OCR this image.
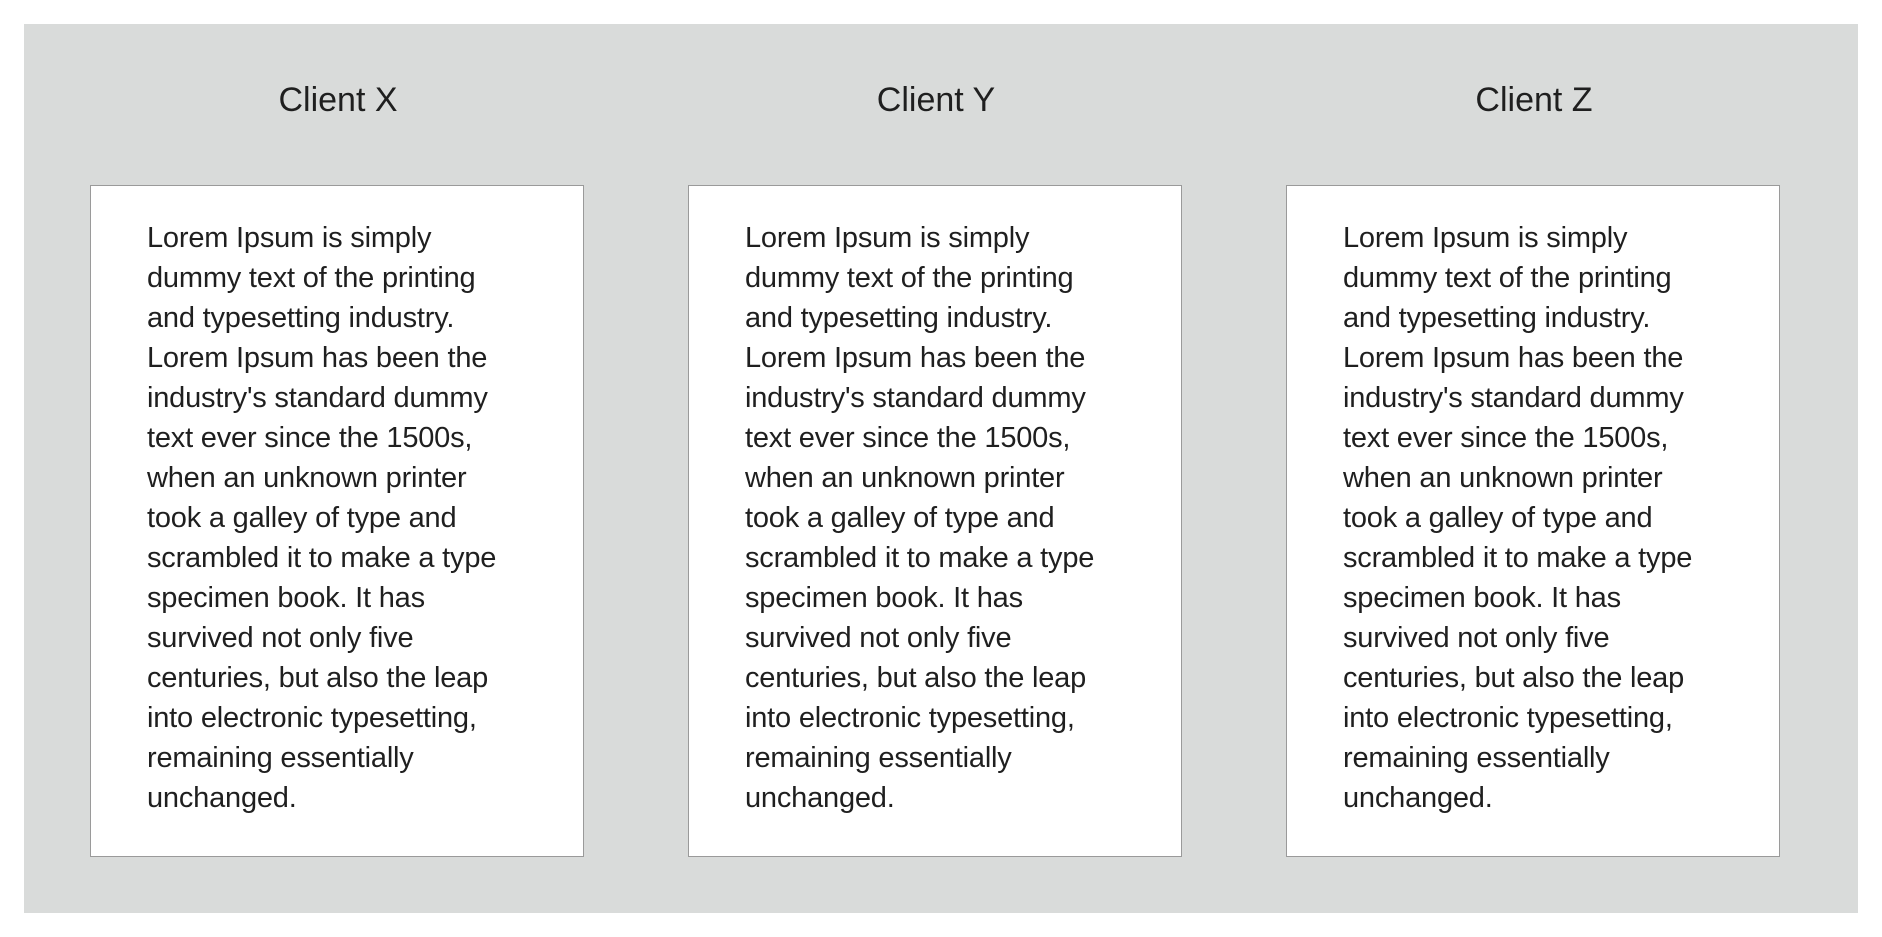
Client X

Lorem Ipsum is simply
dummy text of the printing
and typesetting industry.
Lorem Ipsum has been the
industry's standard dummy
text ever since the 1500s,
when an unknown printer
took a galley of type and
scrambled it to make a type
specimen book. It has
survived not only five
centuries, but also the leap
into electronic typesetting,
remaining essentially
unchanged.

Client Y

Lorem Ipsum is simply
dummy text of the printing
and typesetting industry.
Lorem Ipsum has been the
industry's standard dummy
text ever since the 1500s,
when an unknown printer
took a galley of type and
scrambled it to make a type
specimen book. It has
survived not only five
centuries, but also the leap
into electronic typesetting,
remaining essentially
unchanged.

Client Z

Lorem Ipsum is simply
dummy text of the printing
and typesetting industry.
Lorem Ipsum has been the
industry's standard dummy
text ever since the 1500s,
when an unknown printer
took a galley of type and
scrambled it to make a type
specimen book. It has
survived not only five
centuries, but also the leap
into electronic typesetting,
remaining essentially
unchanged.
